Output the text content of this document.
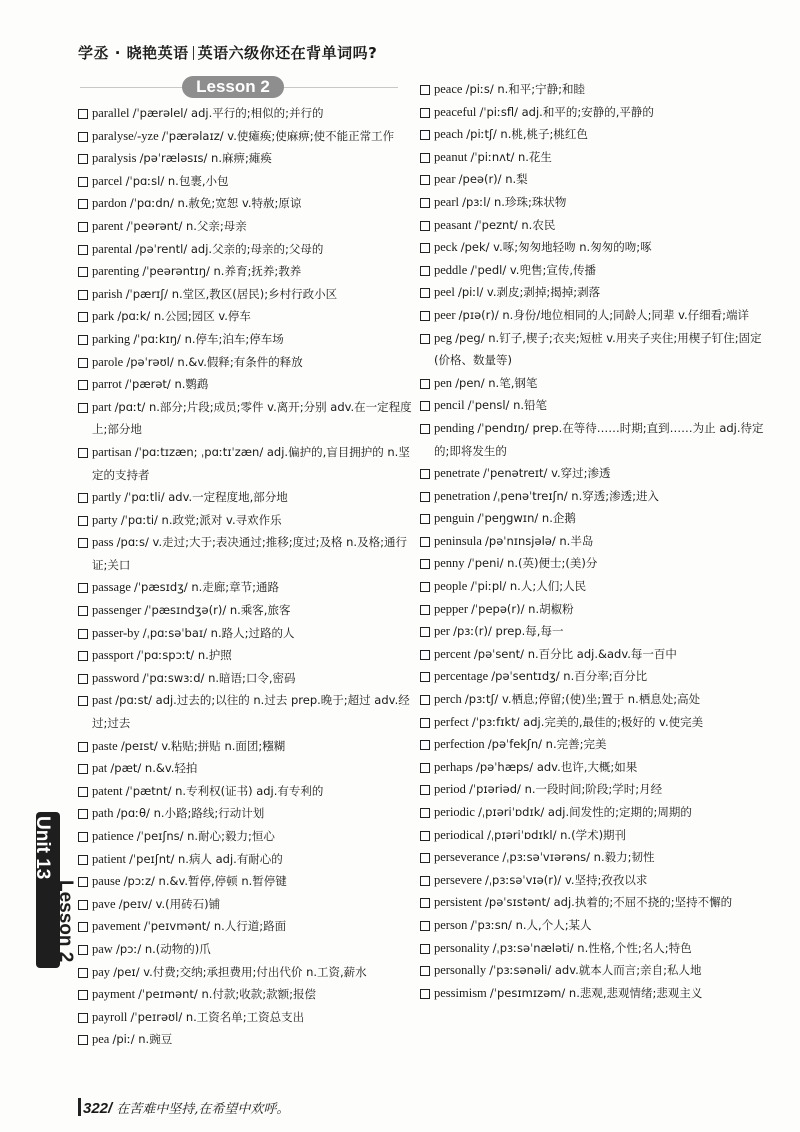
学丞 · 晓艳英语 英语六级你还在背单词吗?
Lesson 2
parallel /ˈpærəlel/ adj.平行的;相似的;并行的
paralyse/-yze /ˈpærəlaɪz/ v.使瘫痪;使麻痹;使不能正常工作
paralysis /pəˈræləsɪs/ n.麻痹;瘫痪
parcel /ˈpɑːsl/ n.包裹,小包
pardon /ˈpɑːdn/ n.赦免;宽恕 v.特赦;原谅
parent /ˈpeərənt/ n.父亲;母亲
parental /pəˈrentl/ adj.父亲的;母亲的;父母的
parenting /ˈpeərəntɪŋ/ n.养育;抚养;教养
parish /ˈpærɪʃ/ n.堂区,教区(居民);乡村行政小区
park /pɑːk/ n.公园;园区 v.停车
parking /ˈpɑːkɪŋ/ n.停车;泊车;停车场
parole /pəˈrəʊl/ n.&v.假释;有条件的释放
parrot /ˈpærət/ n.鹦鹉
part /pɑːt/ n.部分;片段;成员;零件 v.离开;分别 adv.在一定程度上;部分地
partisan /ˈpɑːtɪzæn; ˌpɑːtɪˈzæn/ adj.偏护的,盲目拥护的 n.坚定的支持者
partly /ˈpɑːtli/ adv.一定程度地,部分地
party /ˈpɑːti/ n.政党;派对 v.寻欢作乐
pass /pɑːs/ v.走过;大于;表决通过;推移;度过;及格 n.及格;通行证;关口
passage /ˈpæsɪdʒ/ n.走廊;章节;通路
passenger /ˈpæsɪndʒə(r)/ n.乘客,旅客
passer-by /ˌpɑːsəˈbaɪ/ n.路人;过路的人
passport /ˈpɑːspɔːt/ n.护照
password /ˈpɑːswɜːd/ n.暗语;口令,密码
past /pɑːst/ adj.过去的;以往的 n.过去 prep.晚于;超过 adv.经过;过去
paste /peɪst/ v.粘贴;拼贴 n.面团;糨糊
pat /pæt/ n.&v.轻拍
patent /ˈpætnt/ n.专利权(证书) adj.有专利的
path /pɑːθ/ n.小路;路线;行动计划
patience /ˈpeɪʃns/ n.耐心;毅力;恒心
patient /ˈpeɪʃnt/ n.病人 adj.有耐心的
pause /pɔːz/ n.&v.暂停,停顿 n.暂停键
pave /peɪv/ v.(用砖石)铺
pavement /ˈpeɪvmənt/ n.人行道;路面
paw /pɔː/ n.(动物的)爪
pay /peɪ/ v.付费;交纳;承担费用;付出代价 n.工资,薪水
payment /ˈpeɪmənt/ n.付款;收款;款额;报偿
payroll /ˈpeɪrəʊl/ n.工资名单;工资总支出
pea /piː/ n.豌豆
peace /piːs/ n.和平;宁静;和睦
peaceful /ˈpiːsfl/ adj.和平的;安静的,平静的
peach /piːtʃ/ n.桃,桃子;桃红色
peanut /ˈpiːnʌt/ n.花生
pear /peə(r)/ n.梨
pearl /pɜːl/ n.珍珠;珠状物
peasant /ˈpeznt/ n.农民
peck /pek/ v.啄;匆匆地轻吻 n.匆匆的吻;啄
peddle /ˈpedl/ v.兜售;宣传,传播
peel /piːl/ v.剥皮;剥掉;揭掉;剥落
peer /pɪə(r)/ n.身份/地位相同的人;同龄人;同辈 v.仔细看;端详
peg /peg/ n.钉子,楔子;衣夹;短桩 v.用夹子夹住;用楔子钉住;固定(价格、数量等)
pen /pen/ n.笔,钢笔
pencil /ˈpensl/ n.铅笔
pending /ˈpendɪŋ/ prep.在等待……时期;直到……为止 adj.待定的;即将发生的
penetrate /ˈpenətreɪt/ v.穿过;渗透
penetration /ˌpenəˈtreɪʃn/ n.穿透;渗透;进入
penguin /ˈpeŋgwɪn/ n.企鹅
peninsula /pəˈnɪnsjələ/ n.半岛
penny /ˈpeni/ n.(英)便士;(美)分
people /ˈpiːpl/ n.人;人们;人民
pepper /ˈpepə(r)/ n.胡椒粉
per /pɜː(r)/ prep.每,每一
percent /pəˈsent/ n.百分比 adj.&adv.每一百中
percentage /pəˈsentɪdʒ/ n.百分率;百分比
perch /pɜːtʃ/ v.栖息;停留;(使)坐;置于 n.栖息处;高处
perfect /ˈpɜːfɪkt/ adj.完美的,最佳的;极好的 v.使完美
perfection /pəˈfekʃn/ n.完善;完美
perhaps /pəˈhæps/ adv.也许,大概;如果
period /ˈpɪəriəd/ n.一段时间;阶段;学时;月经
periodic /ˌpɪəriˈɒdɪk/ adj.间发性的;定期的;周期的
periodical /ˌpɪəriˈɒdɪkl/ n.(学术)期刊
perseverance /ˌpɜːsəˈvɪərəns/ n.毅力;韧性
persevere /ˌpɜːsəˈvɪə(r)/ v.坚持;孜孜以求
persistent /pəˈsɪstənt/ adj.执着的;不屈不挠的;坚持不懈的
person /ˈpɜːsn/ n.人,个人;某人
personality /ˌpɜːsəˈnæləti/ n.性格,个性;名人;特色
personally /ˈpɜːsənəli/ adv.就本人而言;亲自;私人地
pessimism /ˈpesɪmɪzəm/ n.悲观,悲观情绪;悲观主义
Unit 13
Lesson 2
322/ 在苦难中坚持,在希望中欢呼。
